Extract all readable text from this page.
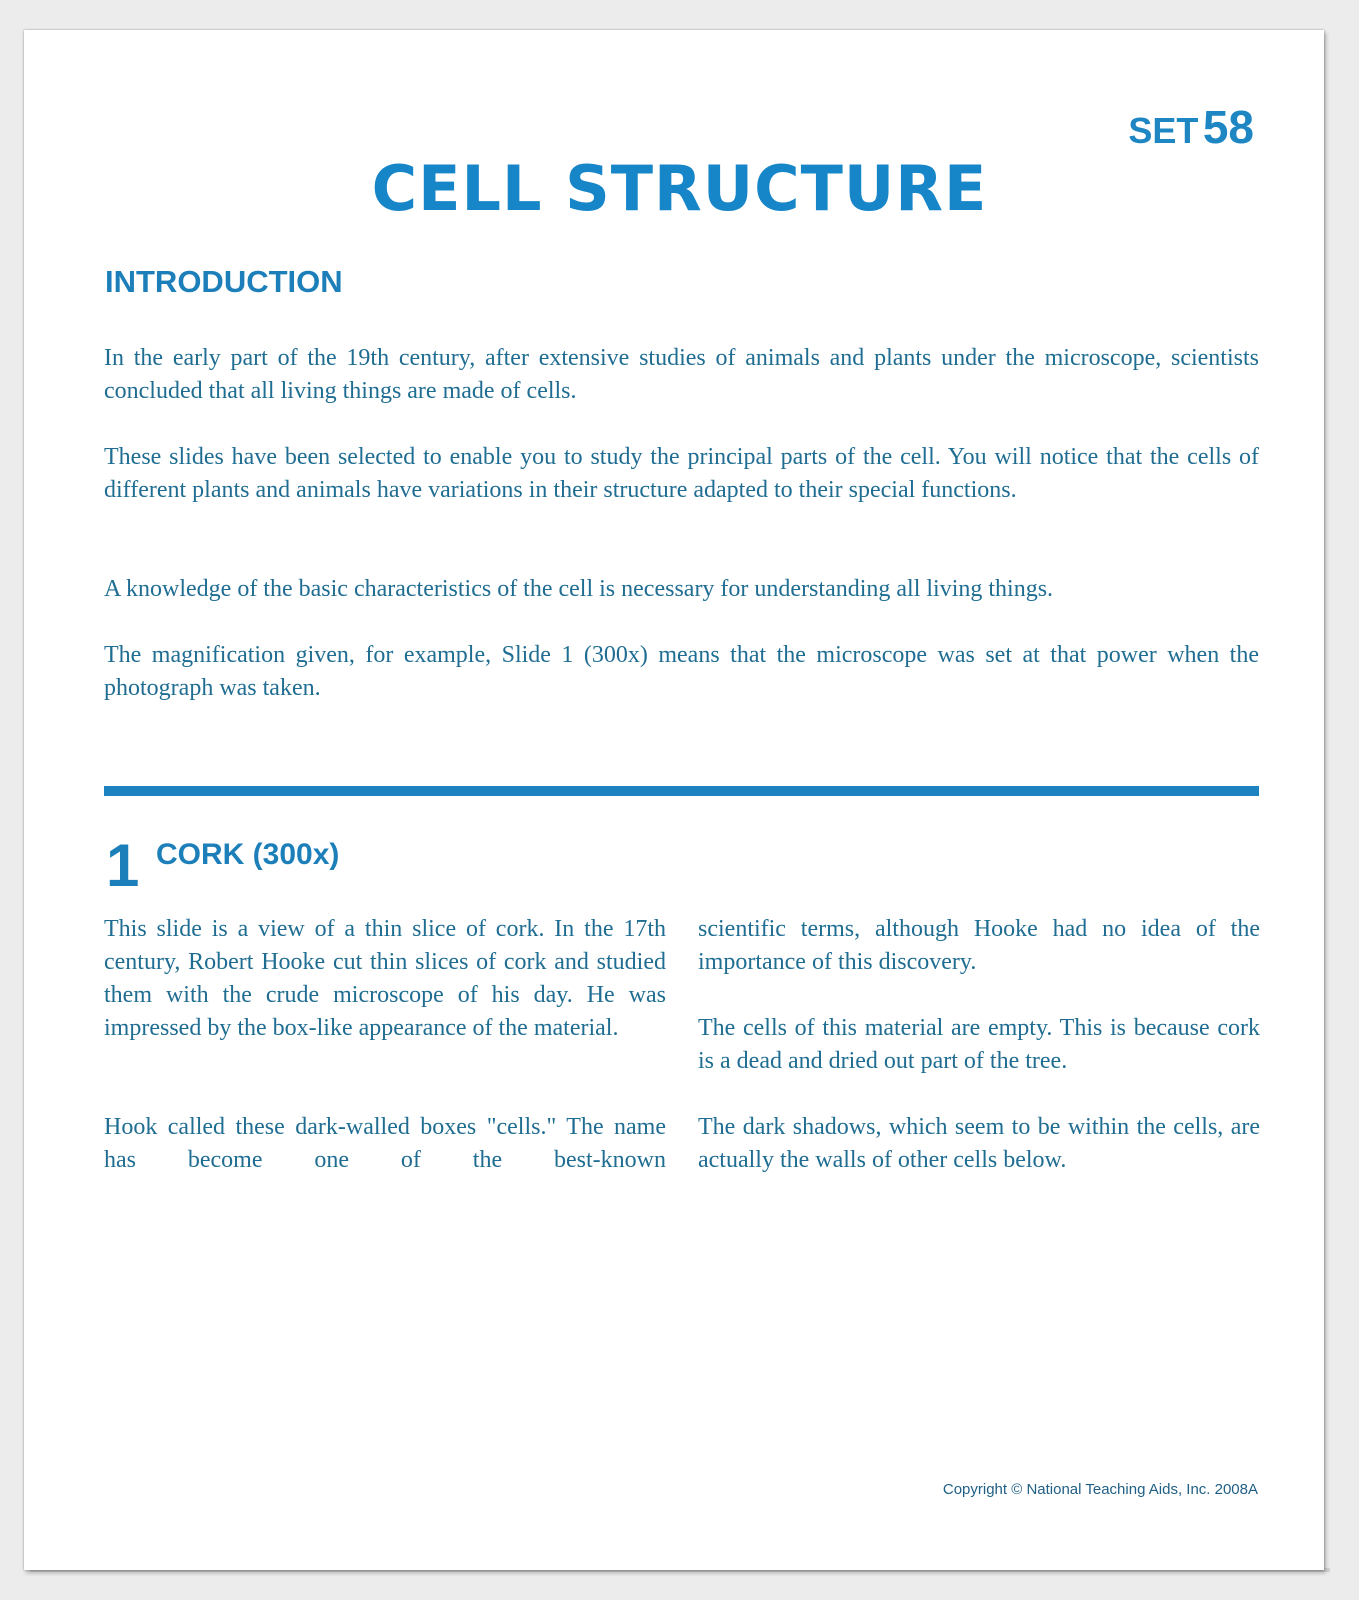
SET 58
CELL STRUCTURE
INTRODUCTION

In the early part of the 19th century, after extensive studies of animals and plants under the microscope, scientists concluded that all living things are made of cells.

These slides have been selected to enable you to study the principal parts of the cell. You will notice that the cells of different plants and animals have variations in their structure adapted to their special functions.

A knowledge of the basic characteristics of the cell is necessary for understanding all living things.

The magnification given, for example, Slide 1 (300x) means that the microscope was set at that power when the photograph was taken.

1 CORK (300x)

This slide is a view of a thin slice of cork. In the 17th century, Robert Hooke cut thin slices of cork and studied them with the crude microscope of his day. He was impressed by the box-like appearance of the material.

Hook called these dark-walled boxes "cells." The name has become one of the best-known

scientific terms, although Hooke had no idea of the importance of this discovery.

The cells of this material are empty. This is because cork is a dead and dried out part of the tree.

The dark shadows, which seem to be within the cells, are actually the walls of other cells below.

Copyright © National Teaching Aids, Inc. 2008A
